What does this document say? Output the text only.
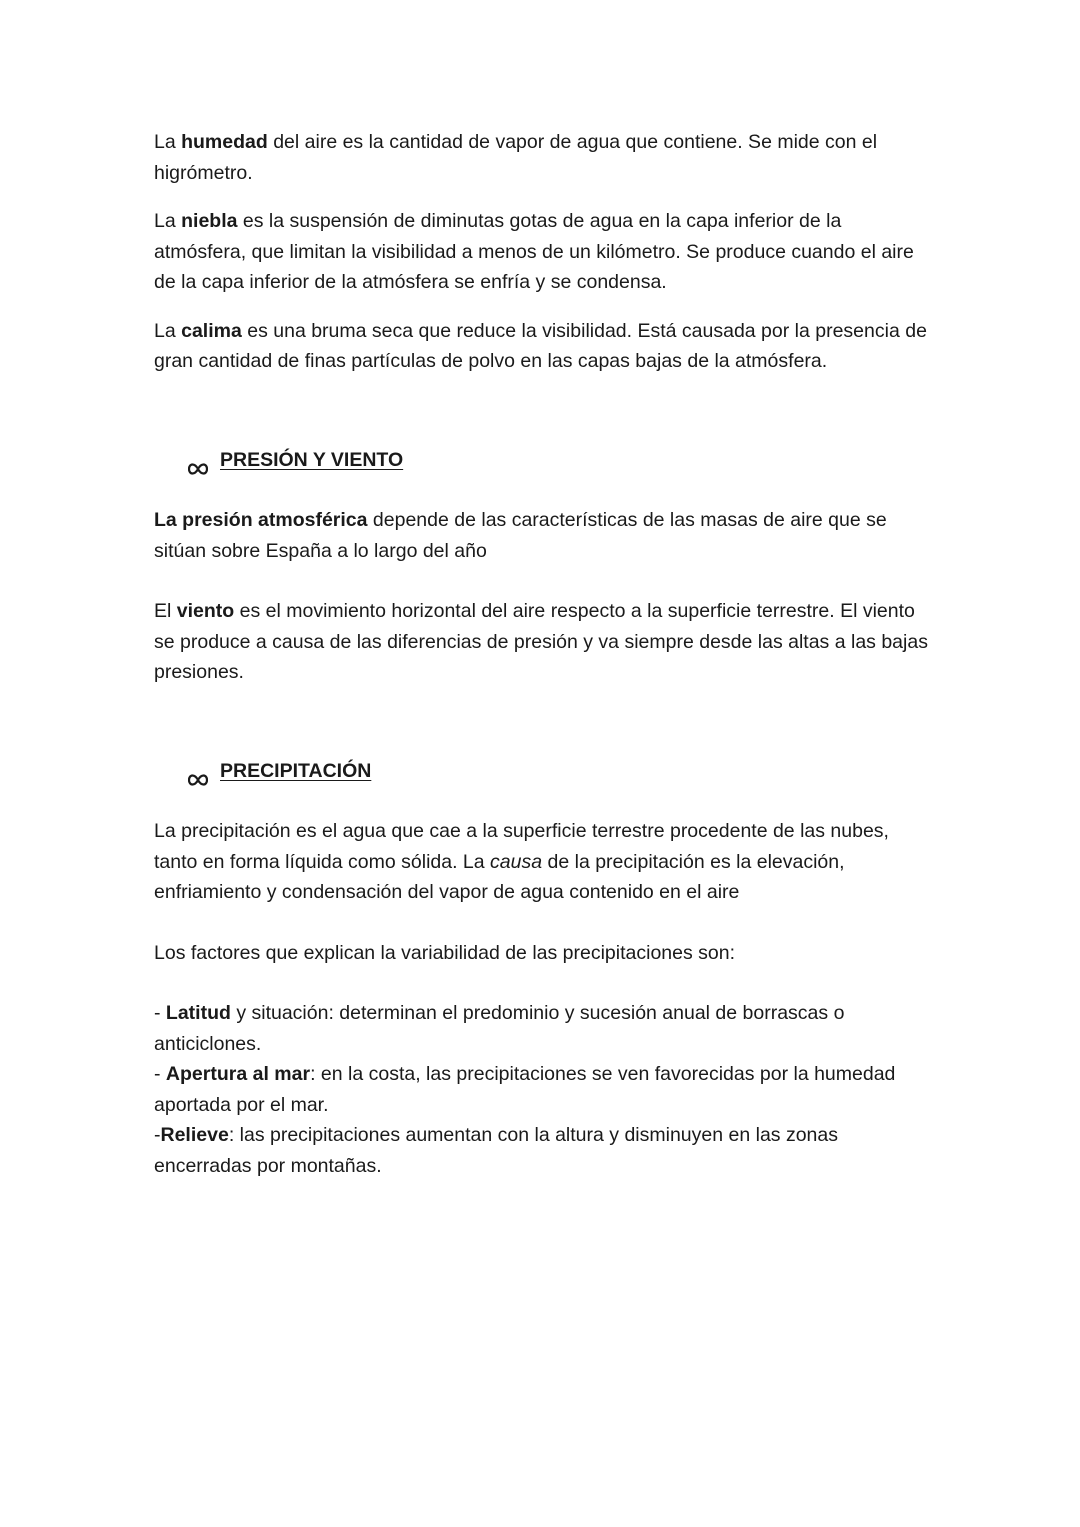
La humedad del aire es la cantidad de vapor de agua que contiene. Se mide con el higrómetro.

La niebla es la suspensión de diminutas gotas de agua en la capa inferior de la atmósfera, que limitan la visibilidad a menos de un kilómetro. Se produce cuando el aire de la capa inferior de la atmósfera se enfría y se condensa.

La calima es una bruma seca que reduce la visibilidad. Está causada por la presencia de gran cantidad de finas partículas de polvo en las capas bajas de la atmósfera.

PRESIÓN Y VIENTO

La presión atmosférica depende de las características de las masas de aire que se sitúan sobre España a lo largo del año

El viento es el movimiento horizontal del aire respecto a la superficie terrestre. El viento se produce a causa de las diferencias de presión y va siempre desde las altas a las bajas presiones.

PRECIPITACIÓN

La precipitación es el agua que cae a la superficie terrestre procedente de las nubes, tanto en forma líquida como sólida. La causa de la precipitación es la elevación, enfriamiento y condensación del vapor de agua contenido en el aire

Los factores que explican la variabilidad de las precipitaciones son:

- Latitud y situación: determinan el predominio y sucesión anual de borrascas o anticiclones.

- Apertura al mar: en la costa, las precipitaciones se ven favorecidas por la humedad aportada por el mar.

-Relieve: las precipitaciones aumentan con la altura y disminuyen en las zonas encerradas por montañas.
